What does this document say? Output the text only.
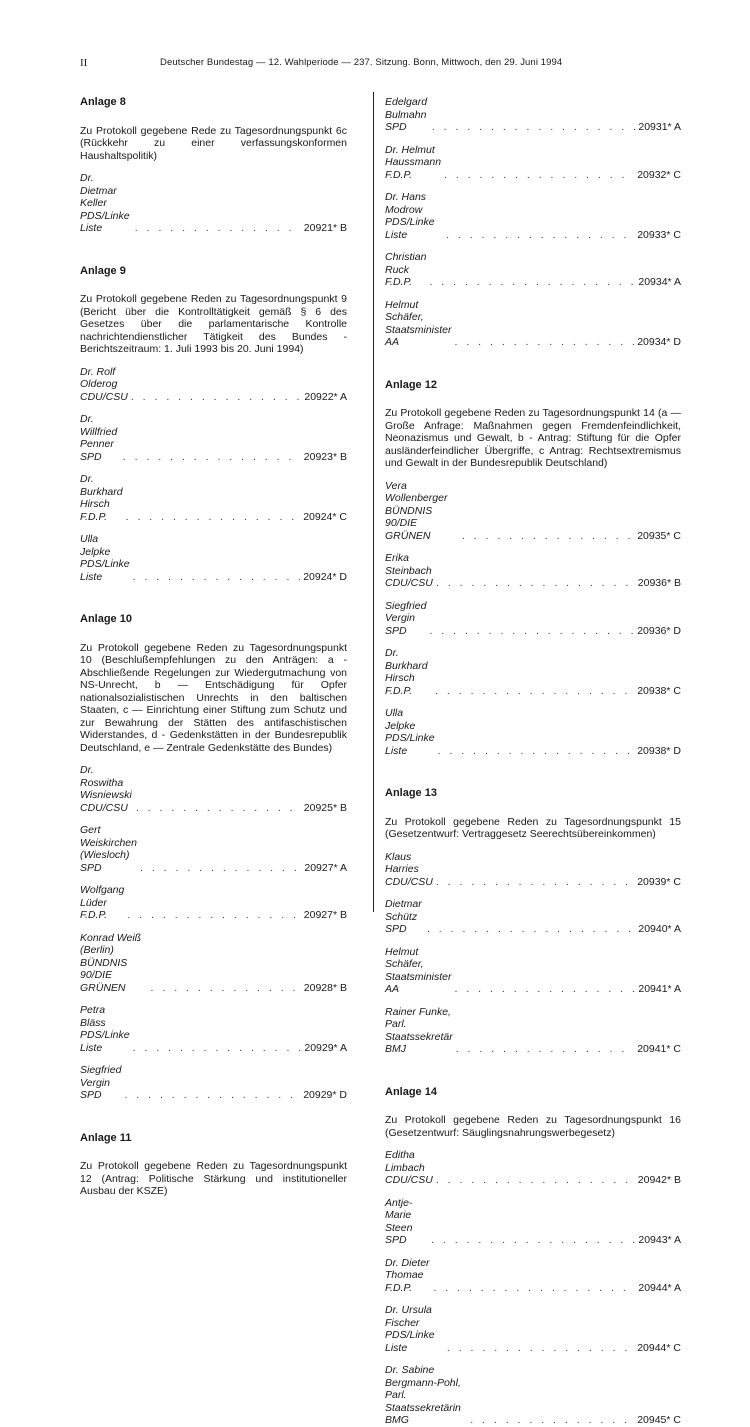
II	Deutscher Bundestag — 12. Wahlperiode — 237. Sitzung. Bonn, Mittwoch, den 29. Juni 1994
Anlage 8
Zu Protokoll gegebene Rede zu Tagesordnungspunkt 6c (Rückkehr zu einer verfassungskonformen Haushaltspolitik)
Dr. Dietmar Keller PDS/Linke Liste . . .	20921* B
Anlage 9
Zu Protokoll gegebene Reden zu Tagesordnungspunkt 9 (Bericht über die Kontrolltätigkeit gemäß § 6 des Gesetzes über die parlamentarische Kontrolle nachrichtendienstlicher Tätigkeit des Bundes - Berichtszeitraum: 1. Juli 1993 bis 20. Juni 1994)
Dr. Rolf Olderog CDU/CSU . . .	20922* A
Dr. Willfried Penner SPD . . .	20923* B
Dr. Burkhard Hirsch F.D.P. . . .	20924* C
Ulla Jelpke PDS/Linke Liste . . .	20924* D
Anlage 10
Zu Protokoll gegebene Reden zu Tagesordnungspunkt 10 (Beschlußempfehlungen zu den Anträgen: a - Abschließende Regelungen zur Wiedergutmachung von NS-Unrecht, b — Entschädigung für Opfer nationalsozialistischen Unrechts in den baltischen Staaten, c — Einrichtung einer Stiftung zum Schutz und zur Bewahrung der Stätten des antifaschistischen Widerstandes, d - Gedenkstätten in der Bundesrepublik Deutschland, e — Zentrale Gedenkstätte des Bundes)
Dr. Roswitha Wisniewski CDU/CSU . . .	20925* B
Gert Weiskirchen (Wiesloch) SPD . . .	20927* A
Wolfgang Lüder F.D.P. . . .	20927* B
Konrad Weiß (Berlin) BÜNDNIS 90/DIE GRÜNEN . . .	20928* B
Petra Bläss PDS/Linke Liste . . .	20929* A
Siegfried Vergin SPD . . .	20929* D
Anlage 11
Zu Protokoll gegebene Reden zu Tagesordnungspunkt 12 (Antrag: Politische Stärkung und institutioneller Ausbau der KSZE)
Edelgard Bulmahn SPD . . .	20931* A
Dr. Helmut Haussmann F.D.P. . . .	20932* C
Dr. Hans Modrow PDS/Linke Liste . . .	20933* C
Christian Ruck F.D.P. . . .	20934* A
Helmut Schäfer, Staatsminister AA . . .	20934* D
Anlage 12
Zu Protokoll gegebene Reden zu Tagesordnungspunkt 14 (a — Große Anfrage: Maßnahmen gegen Fremdenfeindlichkeit, Neonazismus und Gewalt, b - Antrag: Stiftung für die Opfer ausländerfeindlicher Übergriffe, c Antrag: Rechtsextremismus und Gewalt in der Bundesrepublik Deutschland)
Vera Wollenberger BÜNDNIS 90/DIE GRÜNEN . . .	20935* C
Erika Steinbach CDU/CSU . . .	20936* B
Siegfried Vergin SPD . . .	20936* D
Dr. Burkhard Hirsch F.D.P. . . .	20938* C
Ulla Jelpke PDS/Linke Liste . . .	20938* D
Anlage 13
Zu Protokoll gegebene Reden zu Tagesordnungspunkt 15 (Gesetzentwurf: Vertraggesetz Seerechtsübereinkommen)
Klaus Harries CDU/CSU . . .	20939* C
Dietmar Schütz SPD . . .	20940* A
Helmut Schäfer, Staatsminister AA . . .	20941* A
Rainer Funke, Parl. Staatssekretär BMJ . . .	20941* C
Anlage 14
Zu Protokoll gegebene Reden zu Tagesordnungspunkt 16 (Gesetzentwurf: Säuglingsnahrungswerbegesetz)
Editha Limbach CDU/CSU . . .	20942* B
Antje-Marie Steen SPD . . .	20943* A
Dr. Dieter Thomae F.D.P. . . .	20944* A
Dr. Ursula Fischer PDS/Linke Liste . . .	20944* C
Dr. Sabine Bergmann-Pohl, Parl. Staatssekretärin BMG . . .	20945* C
